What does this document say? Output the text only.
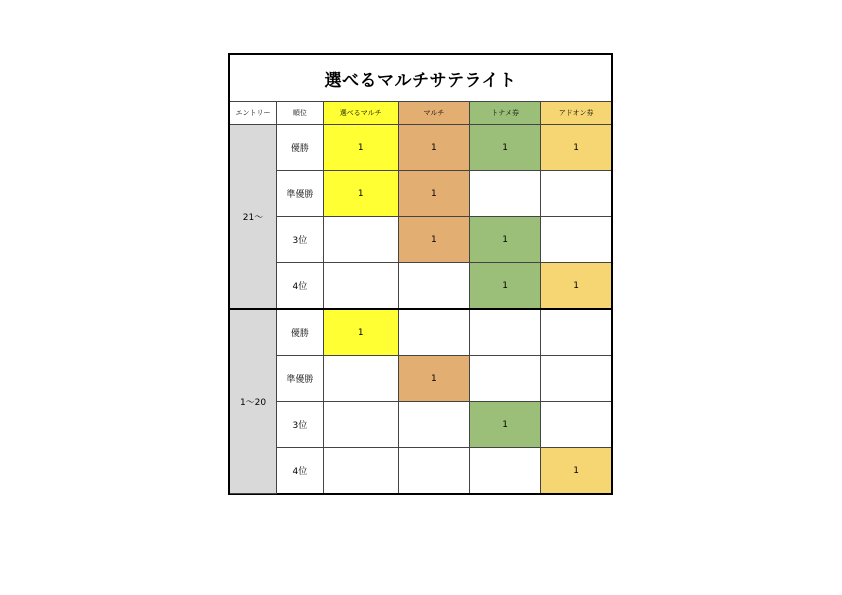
選べるマルチサテライト
エントリー	順位	選べるマルチ	マルチ	トナメ券	アドオン券
21～	優勝	1	1	1	1
	準優勝	1	1		
	3位		1	1	
	4位			1	1
1～20	優勝	1			
	準優勝		1		
	3位			1	
	4位				1
